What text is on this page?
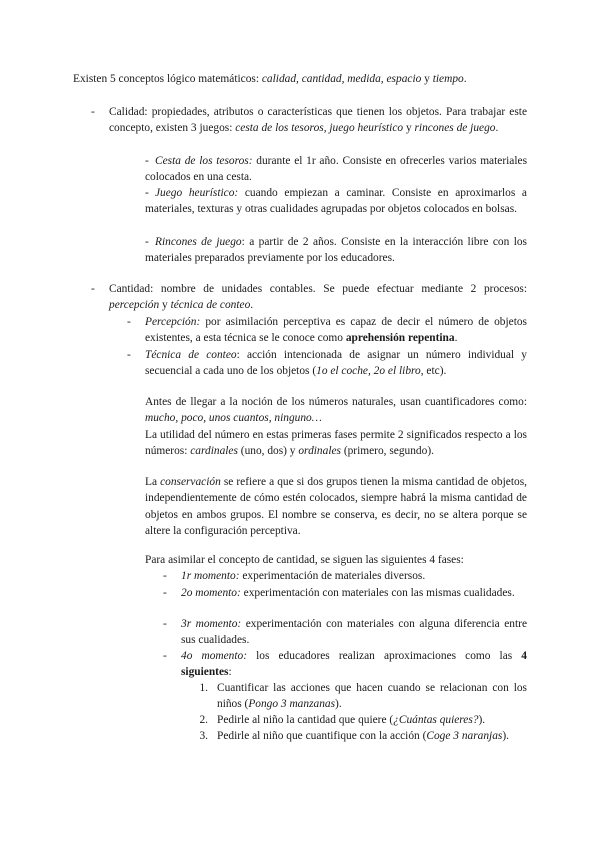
Existen 5 conceptos lógico matemáticos: calidad, cantidad, medida, espacio y tiempo.

- Calidad: propiedades, atributos o características que tienen los objetos. Para trabajar este concepto, existen 3 juegos: cesta de los tesoros, juego heurístico y rincones de juego.

- Cesta de los tesoros: durante el 1r año. Consiste en ofrecerles varios materiales colocados en una cesta.

- Juego heurístico: cuando empiezan a caminar. Consiste en aproximarlos a materiales, texturas y otras cualidades agrupadas por objetos colocados en bolsas.

- Rincones de juego: a partir de 2 años. Consiste en la interacción libre con los materiales preparados previamente por los educadores.

- Cantidad: nombre de unidades contables. Se puede efectuar mediante 2 procesos: percepción y técnica de conteo.

- Percepción: por asimilación perceptiva es capaz de decir el número de objetos existentes, a esta técnica se le conoce como aprehensión repentina.

- Técnica de conteo: acción intencionada de asignar un número individual y secuencial a cada uno de los objetos (1o el coche, 2o el libro, etc).

Antes de llegar a la noción de los números naturales, usan cuantificadores como: mucho, poco, unos cuantos, ninguno…

La utilidad del número en estas primeras fases permite 2 significados respecto a los números: cardinales (uno, dos) y ordinales (primero, segundo).

La conservación se refiere a que si dos grupos tienen la misma cantidad de objetos, independientemente de cómo estén colocados, siempre habrá la misma cantidad de objetos en ambos grupos. El nombre se conserva, es decir, no se altera porque se altere la configuración perceptiva.

Para asimilar el concepto de cantidad, se siguen las siguientes 4 fases:

- 1r momento: experimentación de materiales diversos.

- 2o momento: experimentación con materiales con las mismas cualidades.

- 3r momento: experimentación con materiales con alguna diferencia entre sus cualidades.

- 4o momento: los educadores realizan aproximaciones como las 4 siguientes:

1. Cuantificar las acciones que hacen cuando se relacionan con los niños (Pongo 3 manzanas).

2. Pedirle al niño la cantidad que quiere (¿Cuántas quieres?).

3. Pedirle al niño que cuantifique con la acción (Coge 3 naranjas).
